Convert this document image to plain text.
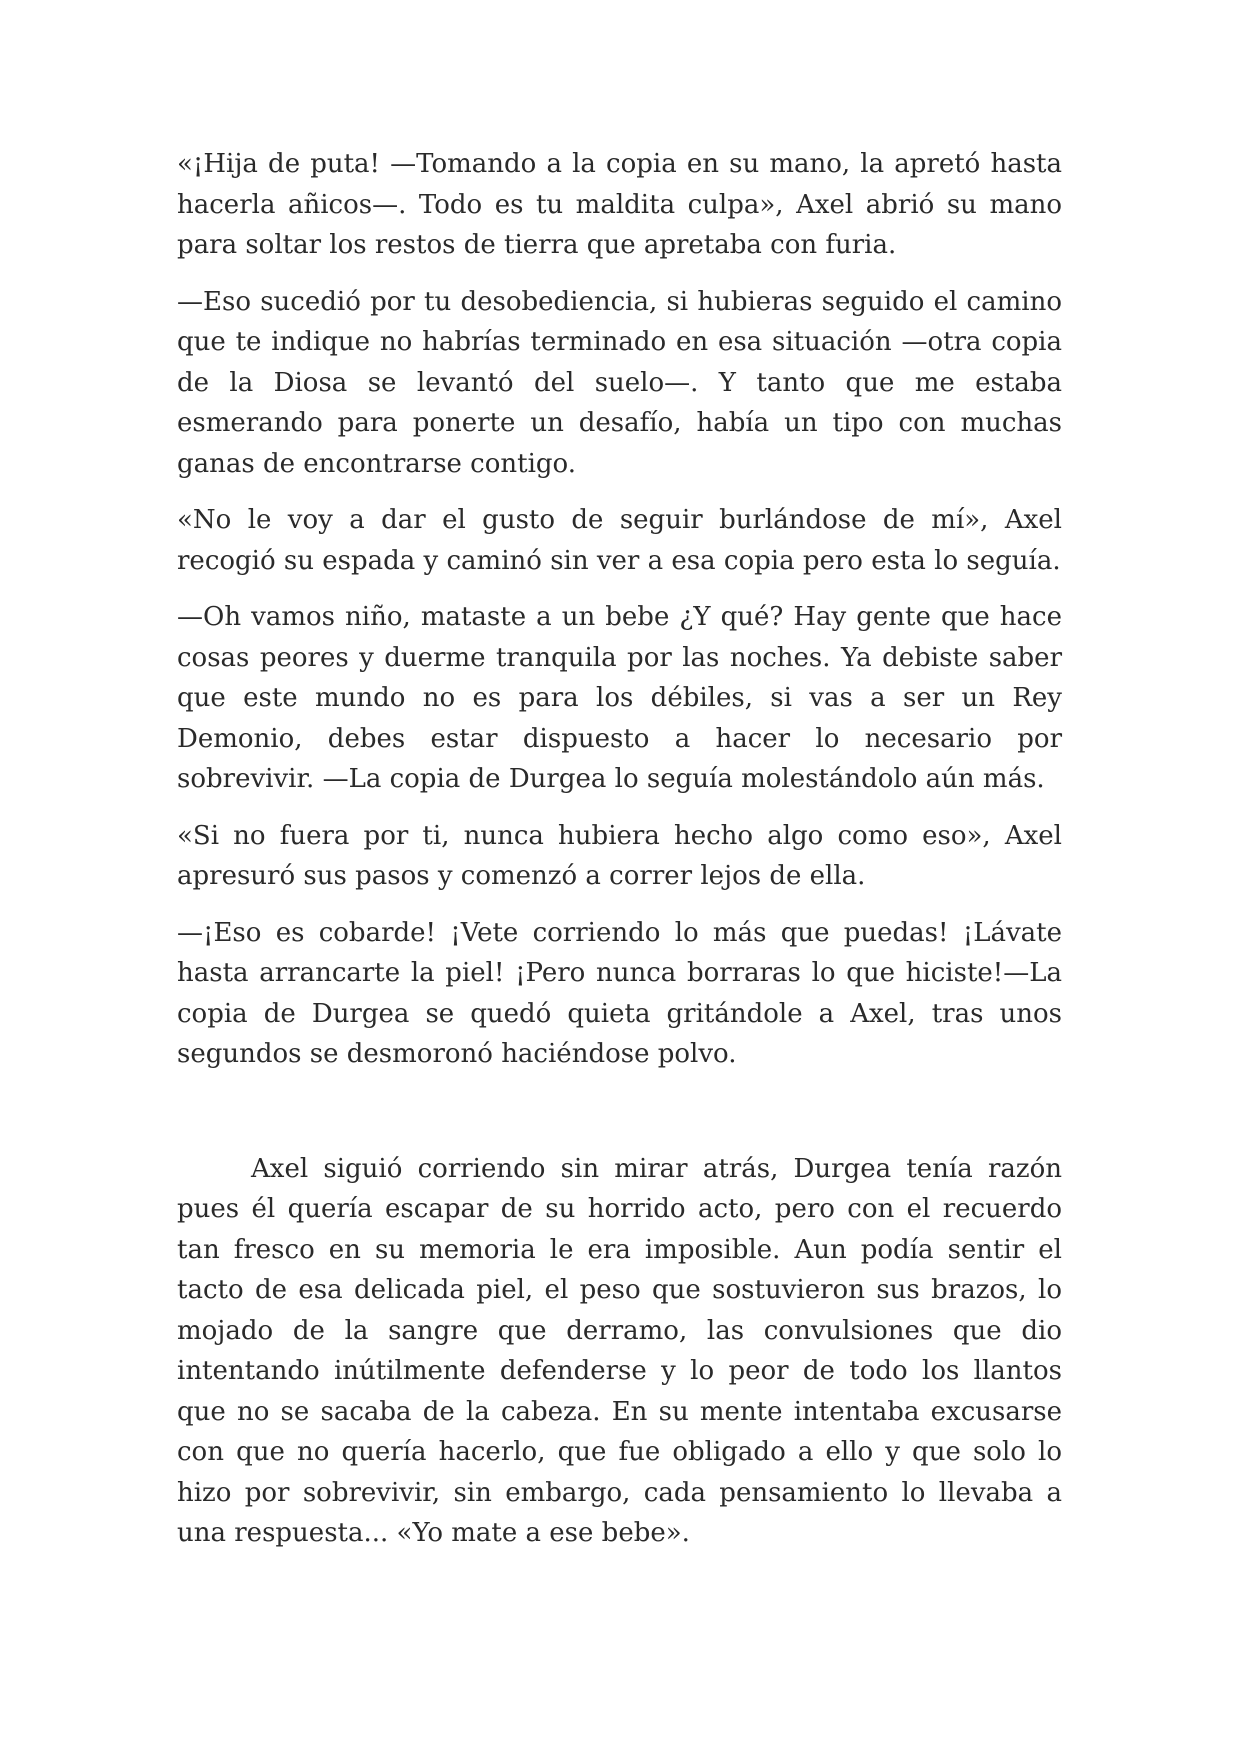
«¡Hija de puta! —Tomando a la copia en su mano, la apretó hasta hacerla añicos—. Todo es tu maldita culpa», Axel abrió su mano para soltar los restos de tierra que apretaba con furia.

—Eso sucedió por tu desobediencia, si hubieras seguido el camino que te indique no habrías terminado en esa situación —otra copia de la Diosa se levantó del suelo—. Y tanto que me estaba esmerando para ponerte un desafío, había un tipo con muchas ganas de encontrarse contigo.

«No le voy a dar el gusto de seguir burlándose de mí», Axel recogió su espada y caminó sin ver a esa copia pero esta lo seguía.

—Oh vamos niño, mataste a un bebe ¿Y qué? Hay gente que hace cosas peores y duerme tranquila por las noches. Ya debiste saber que este mundo no es para los débiles, si vas a ser un Rey Demonio, debes estar dispuesto a hacer lo necesario por sobrevivir. —La copia de Durgea lo seguía molestándolo aún más.

«Si no fuera por ti, nunca hubiera hecho algo como eso», Axel apresuró sus pasos y comenzó a correr lejos de ella.

—¡Eso es cobarde! ¡Vete corriendo lo más que puedas! ¡Lávate hasta arrancarte la piel! ¡Pero nunca borraras lo que hiciste!—La copia de Durgea se quedó quieta gritándole a Axel, tras unos segundos se desmoronó haciéndose polvo.

Axel siguió corriendo sin mirar atrás, Durgea tenía razón pues él quería escapar de su horrido acto, pero con el recuerdo tan fresco en su memoria le era imposible. Aun podía sentir el tacto de esa delicada piel, el peso que sostuvieron sus brazos, lo mojado de la sangre que derramo, las convulsiones que dio intentando inútilmente defenderse y lo peor de todo los llantos que no se sacaba de la cabeza. En su mente intentaba excusarse con que no quería hacerlo, que fue obligado a ello y que solo lo hizo por sobrevivir, sin embargo, cada pensamiento lo llevaba a una respuesta... «Yo mate a ese bebe».
